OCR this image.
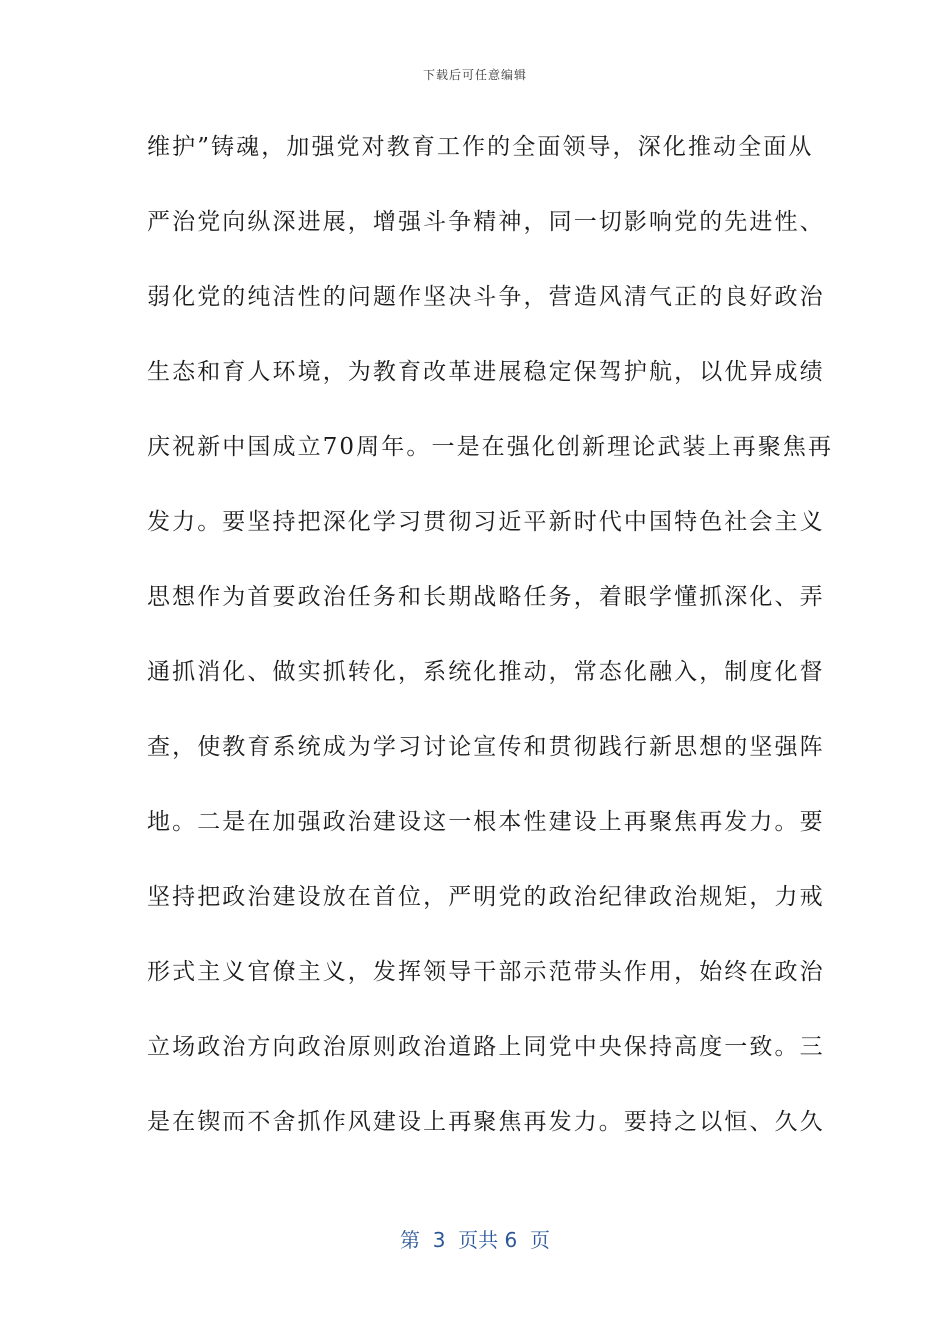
下载后可任意编辑
维护”铸魂，加强党对教育工作的全面领导，深化推动全面从
严治党向纵深进展，增强斗争精神，同一切影响党的先进性、
弱化党的纯洁性的问题作坚决斗争，营造风清气正的良好政治
生态和育人环境，为教育改革进展稳定保驾护航，以优异成绩
庆祝新中国成立70周年。一是在强化创新理论武装上再聚焦再
发力。要坚持把深化学习贯彻习近平新时代中国特色社会主义
思想作为首要政治任务和长期战略任务，着眼学懂抓深化、弄
通抓消化、做实抓转化，系统化推动，常态化融入，制度化督
查，使教育系统成为学习讨论宣传和贯彻践行新思想的坚强阵
地。二是在加强政治建设这一根本性建设上再聚焦再发力。要
坚持把政治建设放在首位，严明党的政治纪律政治规矩，力戒
形式主义官僚主义，发挥领导干部示范带头作用，始终在政治
立场政治方向政治原则政治道路上同党中央保持高度一致。三
是在锲而不舍抓作风建设上再聚焦再发力。要持之以恒、久久
第  3  页共 6  页
